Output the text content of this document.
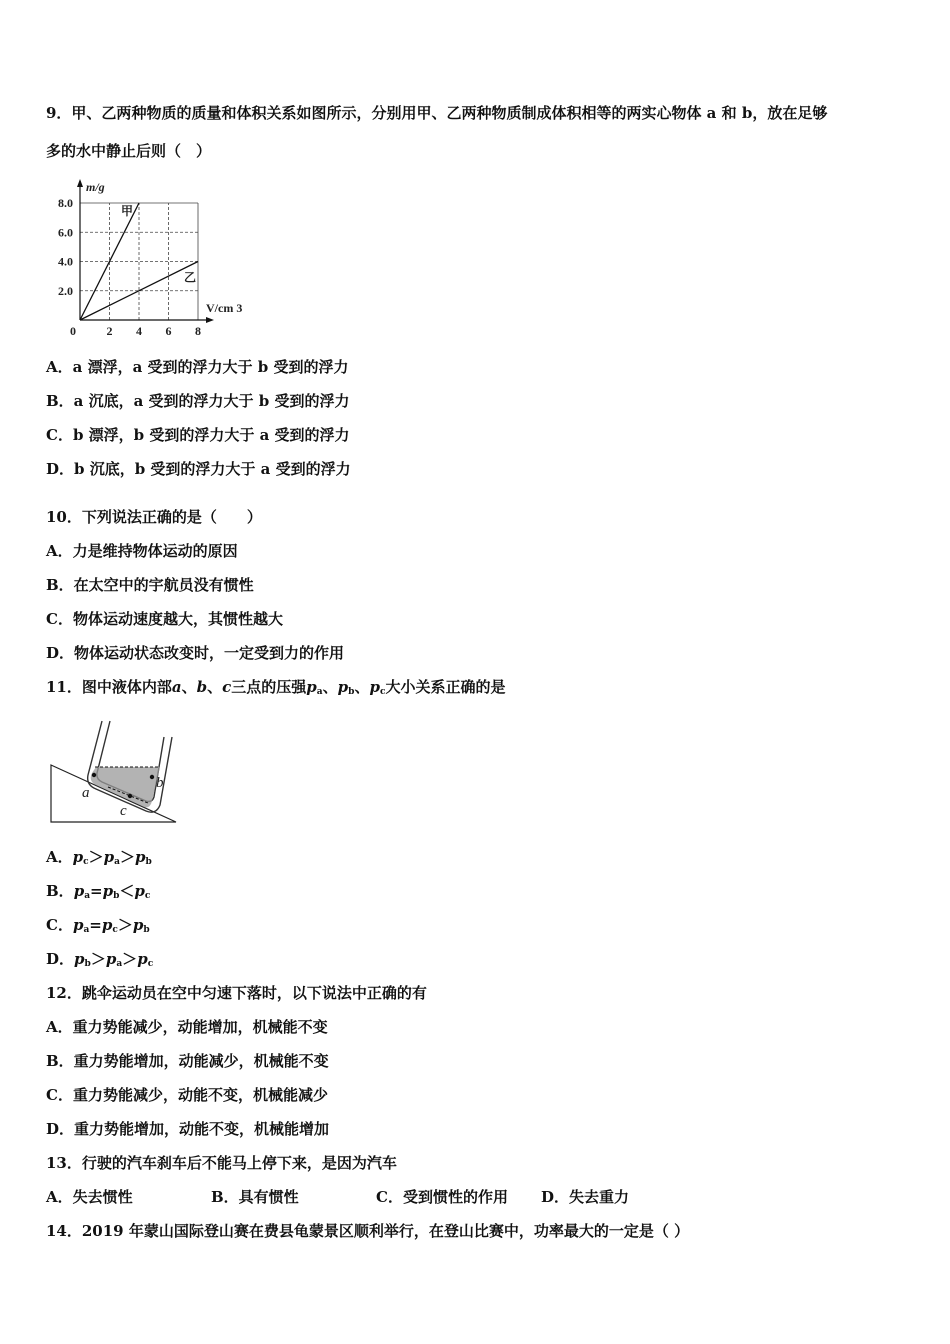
9．甲、乙两种物质的质量和体积关系如图所示，分别用甲、乙两种物质制成体积相等的两实心物体 a 和 b，放在足够
多的水中静止后则（　）
2 4 6 8
2.0
4.0
6.0
8.0
0
m/g
V/cm 3
甲
乙
A．a 漂浮，a 受到的浮力大于 b 受到的浮力
B．a 沉底，a 受到的浮力大于 b 受到的浮力
C．b 漂浮，b 受到的浮力大于 a 受到的浮力
D．b 沉底，b 受到的浮力大于 a 受到的浮力
10．下列说法正确的是（　　）
A．力是维持物体运动的原因
B．在太空中的宇航员没有惯性
C．物体运动速度越大，其惯性越大
D．物体运动状态改变时，一定受到力的作用
11．图中液体内部a、b、c三点的压强$p_a$、$p_b$、$p_c$大小关系正确的是
a
b
c
A．$p_c>p_a>p_b$
B．$p_a=p_b<p_c$
C．$p_a=p_c>p_b$
D．$p_b>p_a>p_c$
12．跳伞运动员在空中匀速下落时，以下说法中正确的有
A．重力势能减少，动能增加，机械能不变
B．重力势能增加，动能减少，机械能不变
C．重力势能减少，动能不变，机械能减少
D．重力势能增加，动能不变，机械能增加
13．行驶的汽车刹车后不能马上停下来，是因为汽车
A．失去惯性	B．具有惯性	C．受到惯性的作用 D．失去重力
14．2019 年蒙山国际登山赛在费县龟蒙景区顺利举行，在登山比赛中，功率最大的一定是（ ）
